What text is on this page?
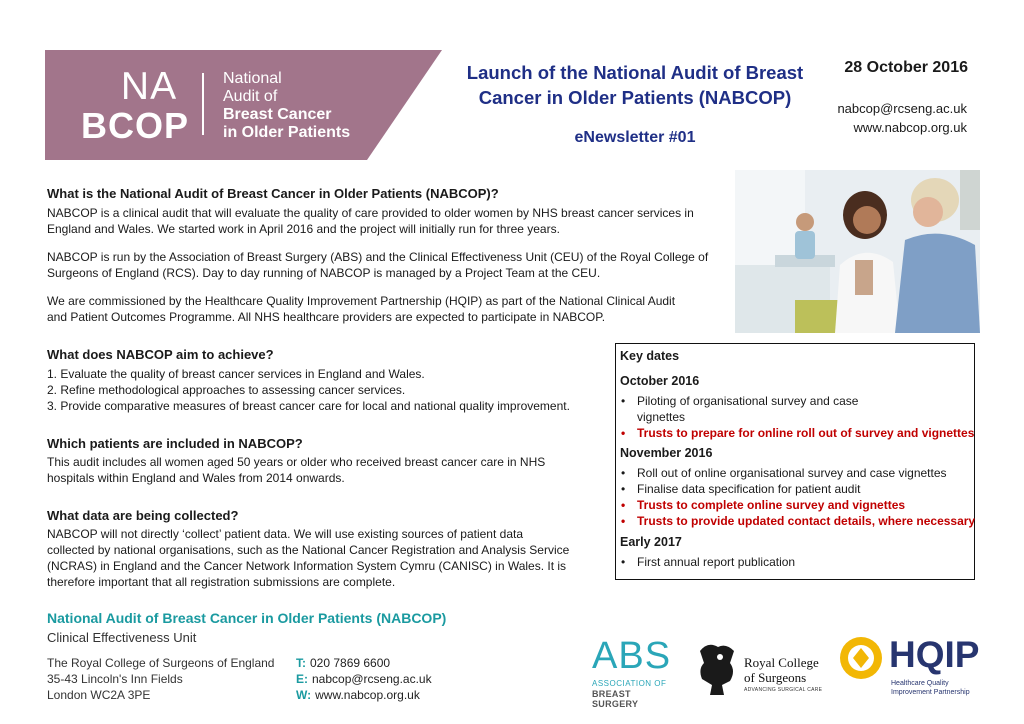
NA
BCOP
National
Audit of
Breast Cancer
in Older Patients
Launch of the National Audit of Breast
Cancer in Older Patients (NABCOP)
eNewsletter #01
28 October 2016
nabcop@rcseng.ac.uk
www.nabcop.org.uk
What is the National Audit of Breast Cancer in Older Patients (NABCOP)?
NABCOP is a clinical audit that will evaluate the quality of care provided to older women by NHS breast cancer services in
England and Wales. We started work in April 2016 and the project will initially run for three years.
NABCOP is run by the Association of Breast Surgery (ABS) and the Clinical Effectiveness Unit (CEU) of the Royal College of
Surgeons of England (RCS). Day to day running of NABCOP is managed by a Project Team at the CEU.
We are commissioned by the Healthcare Quality Improvement Partnership (HQIP) as part of the National Clinical Audit
and Patient Outcomes Programme. All NHS healthcare providers are expected to participate in NABCOP.
What does NABCOP aim to achieve?
1. Evaluate the quality of breast cancer services in England and Wales.
2. Refine methodological approaches to assessing cancer services.
3. Provide comparative measures of breast cancer care for local and national quality improvement.
Which patients are included in NABCOP?
This audit includes all women aged 50 years or older who received breast cancer care in NHS
hospitals within England and Wales from 2014 onwards.
What data are being collected?
NABCOP will not directly ‘collect’ patient data. We will use existing sources of patient data
collected by national organisations, such as the National Cancer Registration and Analysis Service
(NCRAS) in England and the Cancer Network Information System Cymru (CANISC) in Wales. It is
therefore important that all registration submissions are complete.
Key dates
October 2016
• Piloting of organisational survey and case vignettes
• Trusts to prepare for online roll out of survey and vignettes
November 2016
• Roll out of online organisational survey and case vignettes
• Finalise data specification for patient audit
• Trusts to complete online survey and vignettes
• Trusts to provide updated contact details, where necessary
Early 2017
• First annual report publication
National Audit of Breast Cancer in Older Patients (NABCOP)
Clinical Effectiveness Unit
The Royal College of Surgeons of England
35-43 Lincoln's Inn Fields
London WC2A 3PE
T: 020 7869 6600
E: nabcop@rcseng.ac.uk
W: www.nabcop.org.uk
ABS
ASSOCIATION OF
BREAST SURGERY
Royal College
of Surgeons
ADVANCING SURGICAL CARE
HQIP
Healthcare Quality
Improvement Partnership
